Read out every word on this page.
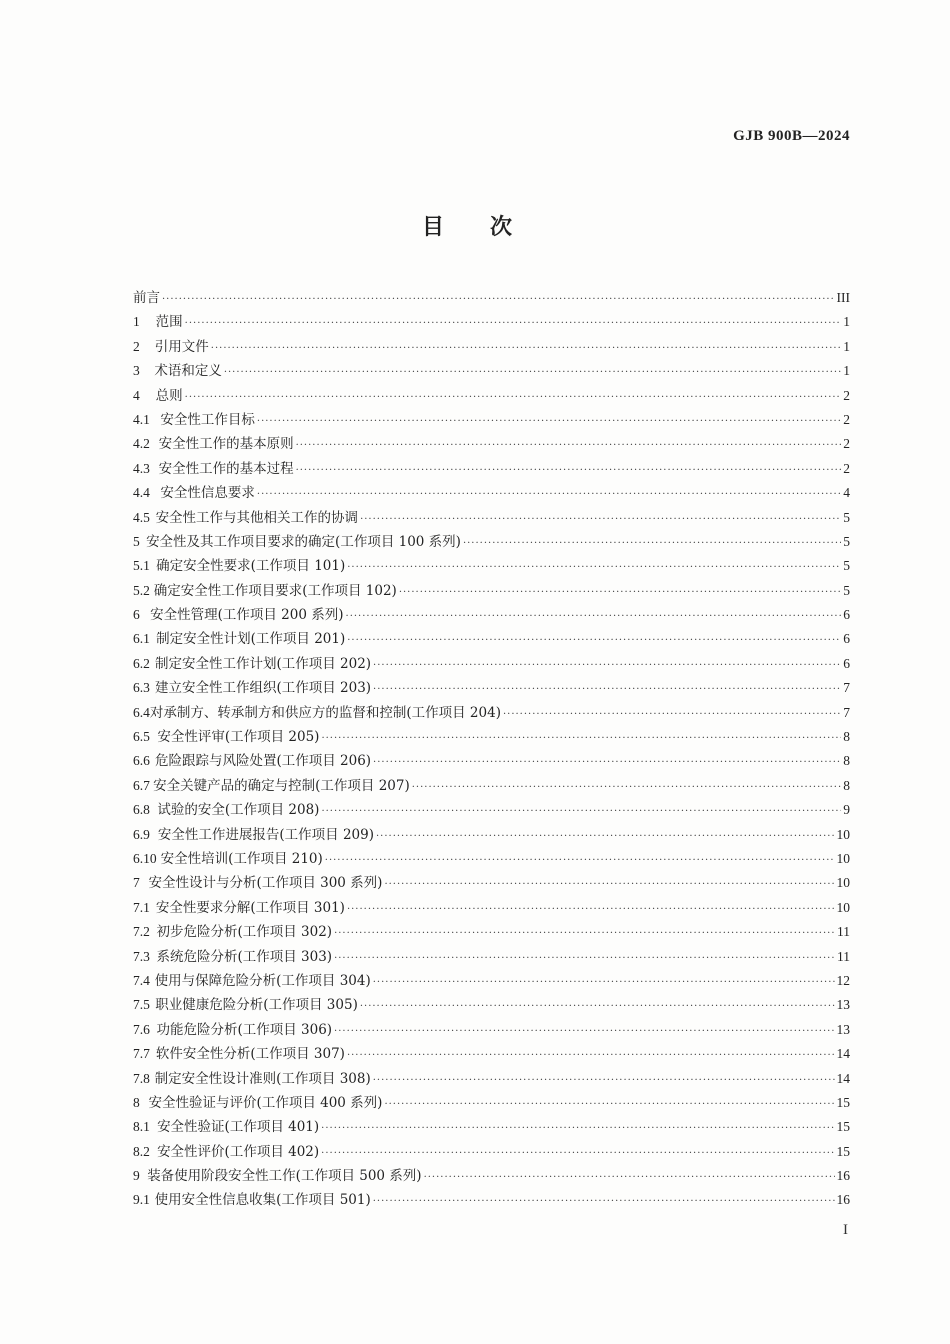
GJB 900B—2024
目次
前言 ·····	III
1	范围 ·····	1
2	引用文件 ·····	1
3	术语和定义 ·····	1
4	总则 ·····	2
4.1 安全性工作目标 ·····	2
4.2 安全性工作的基本原则 ·····	2
4.3 安全性工作的基本过程 ·····	2
4.4 安全性信息要求 ·····	4
4.5 安全性工作与其他相关工作的协调 ·····	5
5 安全性及其工作项目要求的确定(工作项目 100 系列) ·····	5
5.1 确定安全性要求(工作项目 101) ·····	5
5.2 确定安全性工作项目要求(工作项目 102) ·····	5
6 安全性管理(工作项目 200 系列) ·····	6
6.1 制定安全性计划(工作项目 201) ·····	6
6.2 制定安全性工作计划(工作项目 202) ·····	6
6.3 建立安全性工作组织(工作项目 203) ·····	7
6.4 对承制方、转承制方和供应方的监督和控制(工作项目 204) ·····	7
6.5 安全性评审(工作项目 205) ·····	8
6.6 危险跟踪与风险处置(工作项目 206) ·····	8
6.7 安全关键产品的确定与控制(工作项目 207) ·····	8
6.8 试验的安全(工作项目 208) ·····	9
6.9 安全性工作进展报告(工作项目 209) ·····	10
6.10 安全性培训(工作项目 210) ·····	10
7 安全性设计与分析(工作项目 300 系列) ·····	10
7.1 安全性要求分解(工作项目 301) ·····	10
7.2 初步危险分析(工作项目 302) ·····	11
7.3 系统危险分析(工作项目 303) ·····	11
7.4 使用与保障危险分析(工作项目 304) ·····	12
7.5 职业健康危险分析(工作项目 305) ·····	13
7.6 功能危险分析(工作项目 306) ·····	13
7.7 软件安全性分析(工作项目 307) ·····	14
7.8 制定安全性设计准则(工作项目 308) ·····	14
8 安全性验证与评价(工作项目 400 系列) ·····	15
8.1 安全性验证(工作项目 401) ·····	15
8.2 安全性评价(工作项目 402) ·····	15
9 装备使用阶段安全性工作(工作项目 500 系列) ·····	16
9.1 使用安全性信息收集(工作项目 501) ·····	16
I
